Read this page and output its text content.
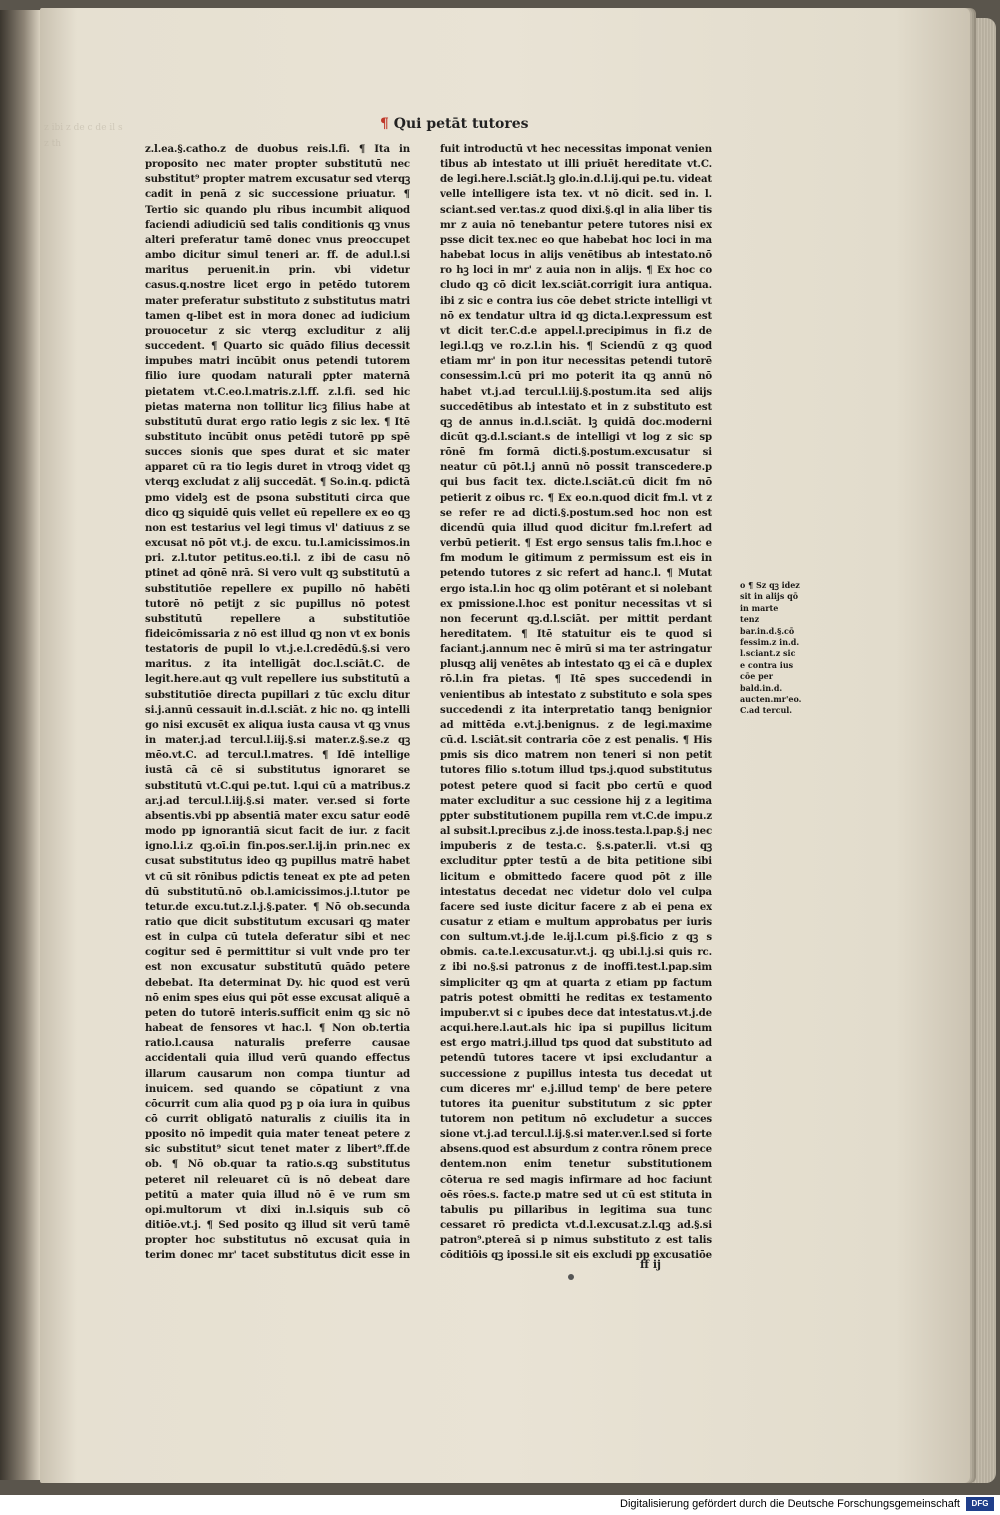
z ibi z de c de il s z th
¶ Qui petāt tutores

z.l.ea.§.catho.z de duobus reis.l.fi. ¶ Ita in proposito nec mater propter substitutū nec substitut⁹ propter matrem excusatur sed vterqꝫ cadit in penā z sic successione priuatur. ¶ Tertio sic quando plu ribus incumbit aliquod faciendi adiudiciū sed talis conditionis qꝫ vnus alteri preferatur tamē donec vnus preoccupet ambo dicitur simul teneri ar. ff. de adul.l.si maritus peruenit.in prin. vbi videtur casus.q.nostre licet ergo in petēdo tutorem mater preferatur substituto z substitutus matri tamen q-libet est in mora donec ad iudicium prouocetur z sic vterqꝫ excluditur z alij succedent. ¶ Quarto sic quādo filius decessit impubes matri incūbit onus petendi tutorem filio iure quodam naturali ꝑpter maternā pietatem vt.C.eo.l.matris.z.l.ff. z.l.fi. sed hic pietas materna non tollitur licꝫ filius habe at substitutū durat ergo ratio legis z sic lex. ¶ Itē substituto incūbit onus petēdi tutorē pp spē succes sionis que spes durat et sic mater apparet cū ra tio legis duret in vtroqꝫ videt qꝫ vterqꝫ excludat z alij succedāt. ¶ So.in.q. pdictā pmo videlꝫ est de psona substituti circa que dico qꝫ siquidē quis vellet eū repellere ex eo qꝫ non est testarius vel legi timus vl' datiuus z se excusat nō pōt vt.j. de excu. tu.l.amicissimos.in pri. z.l.tutor petitus.eo.ti.l. z ibi de casu nō ptinet ad qōnē nrā. Si vero vult qꝫ substitutū a substitutiōe repellere ex pupillo nō habēti tutorē nō petijt z sic pupillus nō potest substitutū repellere a substitutiōe fideicōmissaria z nō est illud qꝫ non vt ex bonis testatoris de pupil lo vt.j.e.l.credēdū.§.si vero maritus. z ita intelligāt doc.l.sciāt.C. de legit.here.aut qꝫ vult repellere ius substitutū a substitutiōe directa pupillari z tūc exclu ditur si.j.annū cessauit in.d.l.sciāt. z hic no. qꝫ intelli go nisi excusēt ex aliqua iusta causa vt qꝫ vnus in mater.j.ad tercul.l.iij.§.si mater.z.§.se.z qꝫ mēo.vt.C. ad tercul.l.matres. ¶ Idē intellige iustā cā cē si substitutus ignoraret se substitutū vt.C.qui pe.tut. l.qui cū a matribus.z ar.j.ad tercul.l.iij.§.si mater. ver.sed si forte absentis.vbi pp absentiā mater excu satur eodē modo pp ignorantiā sicut facit de iur. z facit igno.l.i.z qꝫ.oī.in fin.pos.ser.l.ij.in prin.nec ex cusat substitutus ideo qꝫ pupillus matrē habet vt cū sit rōnibus pdictis teneat ex pte ad peten dū substitutū.nō ob.l.amicissimos.j.l.tutor pe tetur.de excu.tut.z.l.j.§.pater. ¶ Nō ob.secunda ratio que dicit substitutum excusari qꝫ mater est in culpa cū tutela deferatur sibi et nec cogitur sed ē permittitur si vult vnde pro ter est non excusatur substitutū quādo petere debebat. Ita determinat Dy. hic quod est verū nō enim spes eius qui pōt esse excusat aliquē a peten do tutorē interis.sufficit enim qꝫ sic nō habeat de fensores vt hac.l. ¶ Non ob.tertia ratio.l.causa naturalis preferre causae accidentali quia illud verū quando effectus illarum causarum non compa tiuntur ad inuicem. sed quando se cōpatiunt z vna cōcurrit cum alia quod pꝫ p oia iura in quibus cō currit obligatō naturalis z ciuilis ita in pposito nō impedit quia mater teneat petere z sic substitut⁹ sicut tenet mater z libert⁹.ff.de ob. ¶ Nō ob.quar ta ratio.s.qꝫ substitutus peteret nil releuaret cū is nō debeat dare petitū a mater quia illud nō ē ve rum sm opi.multorum vt dixi in.l.siquis sub cō ditiōe.vt.j. ¶ Sed posito qꝫ illud sit verū tamē propter hoc substitutus nō excusat quia in terim donec mr' tacet substitutus dicit esse in

fuit introductū vt hec necessitas imponat venien tibus ab intestato ut illi priuēt hereditate vt.C. de legi.here.l.sciāt.lꝫ glo.in.d.l.ij.qui pe.tu. videat velle intelligere ista tex. vt nō dicit. sed in. l. sciant.sed ver.tas.z quod dixi.§.ql in alia liber tis mr z auia nō tenebantur petere tutores nisi ex psse dicit tex.nec eo que habebat hoc loci in ma habebat locus in alijs venētibus ab intestato.nō ro hꝫ loci in mr' z auia non in alijs. ¶ Ex hoc co cludo qꝫ cō dicit lex.sciāt.corrigit iura antiqua. ibi z sic e contra ius cōe debet stricte intelligi vt nō ex tendatur ultra id qꝫ dicta.l.expressum est vt dicit ter.C.d.e appel.l.precipimus in fi.z de legi.l.qꝫ ve ro.z.l.in his. ¶ Sciendū z qꝫ quod etiam mr' in pon itur necessitas petendi tutorē consessim.l.cū pri mo poterit ita qꝫ annū nō habet vt.j.ad tercul.l.iij.§.postum.ita sed alijs succedētibus ab intestato et in z substituto est qꝫ de annus in.d.l.sciāt. lꝫ quidā doc.moderni dicūt qꝫ.d.l.sciant.s de intelligi vt log z sic sp rōnē fm formā dicti.§.postum.excusatur si neatur cū pōt.l.j annū nō possit transcedere.p qui bus facit tex. dicte.l.sciāt.cū dicit fm nō petierit z oibus rc. ¶ Ex eo.n.quod dicit fm.l. vt z se refer re ad dicti.§.postum.sed hoc non est dicendū quia illud quod dicitur fm.l.refert ad verbū petierit. ¶ Est ergo sensus talis fm.l.hoc e fm modum le gitimum z permissum est eis in petendo tutores z sic refert ad hanc.l. ¶ Mutat ergo ista.l.in hoc qꝫ olim potērant et si nolebant ex pmissione.l.hoc est ponitur necessitas vt si non fecerunt qꝫ.d.l.sciāt. per mittit perdant hereditatem. ¶ Itē statuitur eis te quod si faciant.j.annum nec ē mirū si ma ter astringatur plusqꝫ alij venētes ab intestato qꝫ ei cā e duplex rō.l.in fra pietas. ¶ Itē spes succedendi in venientibus ab intestato z substituto e sola spes succedendi z ita interpretatio tanqꝫ benignior ad mittēda e.vt.j.benignus. z de legi.maxime cū.d. l.sciāt.sit contraria cōe z est penalis. ¶ His pmis sis dico matrem non teneri si non petit tutores filio s.totum illud tps.j.quod substitutus potest petere quod si facit pbo certū e quod mater excluditur a suc cessione hij z a legitima ꝑpter substitutionem pupilla rem vt.C.de impu.z al subsit.l.precibus z.j.de inoss.testa.l.pap.§.j nec impuberis z de testa.c. §.s.pater.li. vt.si qꝫ excluditur ꝑpter testū a de bita petitione sibi licitum e obmittedo facere quod pōt z ille intestatus decedat nec videtur dolo vel culpa facere sed iuste dicitur facere z ab ei pena ex cusatur z etiam e multum approbatus per iuris con sultum.vt.j.de le.ij.l.cum pi.§.ficio z qꝫ s obmis. ca.te.l.excusatur.vt.j. qꝫ ubi.l.j.si quis rc. z ibi no.§.si patronus z de inoffi.test.l.pap.sim simpliciter qꝫ qm at quarta z etiam pp factum patris potest obmitti he reditas ex testamento impuber.vt si c ipubes dece dat intestatus.vt.j.de acqui.here.l.aut.als hic ipa si pupillus licitum est ergo matri.j.illud tps quod dat substituto ad petendū tutores tacere vt ipsi excludantur a successione z pupillus intesta tus decedat ut cum diceres mr' e.j.illud temp' de bere petere tutores ita ꝑuenitur substitutum z sic ꝑpter tutorem non petitum nō excludetur a succes sione vt.j.ad tercul.l.ij.§.si mater.ver.l.sed si forte absens.quod est absurdum z contra rōnem prece dentem.non enim tenetur substitutionem cōterua re sed magis infirmare ad hoc faciunt oēs rōes.s. facte.p matre sed ut cū est stituta in tabulis pu pillaribus in legitima sua tunc cessaret rō predicta vt.d.l.excusat.z.l.qꝫ ad.§.si patron⁹.ptereā si p nimus substituto z est talis cōditiōis qꝫ ipossi.le sit eis excludi pp excusatiōe

o ¶ Sz qꝫ idez sit in alijs qō in marte tenz bar.in.d.§.cō fessim.z in.d. l.sciant.z sic e contra ius cōe per bald.in.d. aucten.mr'eo. C.ad tercul.
ff ij
Digitalisierung gefördert durch die Deutsche Forschungsgemeinschaft	DFG
